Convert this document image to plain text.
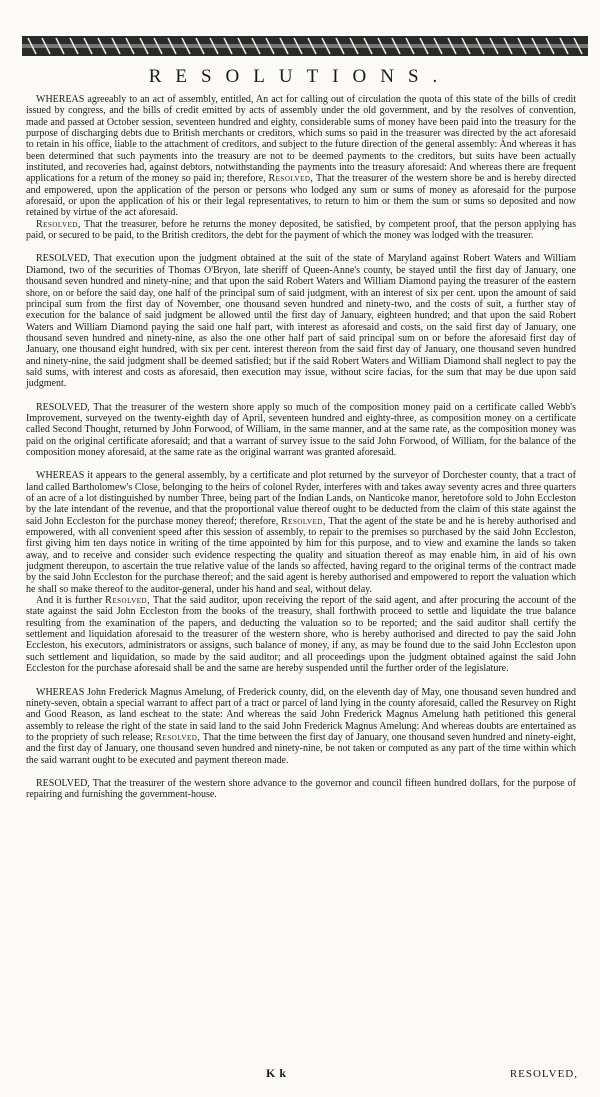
RESOLUTIONS.

WHEREAS agreeably to an act of assembly, entitled, An act for calling out of circulation the quota of this state of the bills of credit issued by congress, and the bills of credit emitted by acts of assembly under the old government, and by the resolves of convention, made and passed at October session, seventeen hundred and eighty, considerable sums of money have been paid into the treasury for the purpose of discharging debts due to British merchants or creditors, which sums so paid in the treasurer was directed by the act aforesaid to retain in his office, liable to the attachment of creditors, and subject to the future direction of the general assembly: And whereas it has been determined that such payments into the treasury are not to be deemed payments to the creditors, but suits have been actually instituted, and recoveries had, against debtors, notwithstanding the payments into the treasury aforesaid: And whereas there are frequent applications for a return of the money so paid in; therefore, Resolved, That the treasurer of the western shore be and is hereby directed and empowered, upon the application of the person or persons who lodged any sum or sums of money as aforesaid for the purpose aforesaid, or upon the application of his or their legal representatives, to return to him or them the sum or sums so deposited and now retained by virtue of the act aforesaid.

Resolved, That the treasurer, before he returns the money deposited, be satisfied, by competent proof, that the person applying has paid, or secured to be paid, to the British creditors, the debt for the payment of which the money was lodged with the treasurer.

RESOLVED, That execution upon the judgment obtained at the suit of the state of Maryland against Robert Waters and William Diamond, two of the securities of Thomas O'Bryon, late sheriff of Queen-Anne's county, be stayed until the first day of January, one thousand seven hundred and ninety-nine; and that upon the said Robert Waters and William Diamond paying the treasurer of the eastern shore, on or before the said day, one half of the principal sum of said judgment, with an interest of six per cent. upon the amount of said principal sum from the first day of November, one thousand seven hundred and ninety-two, and the costs of suit, a further stay of execution for the balance of said judgment be allowed until the first day of January, eighteen hundred; and that upon the said Robert Waters and William Diamond paying the said one half part, with interest as aforesaid and costs, on the said first day of January, one thousand seven hundred and ninety-nine, as also the one other half part of said principal sum on or before the aforesaid first day of January, one thousand eight hundred, with six per cent. interest thereon from the said first day of January, one thousand seven hundred and ninety-nine, the said judgment shall be deemed satisfied; but if the said Robert Waters and William Diamond shall neglect to pay the said sums, with interest and costs as aforesaid, then execution may issue, without scire facias, for the sum that may be due upon said judgment.

RESOLVED, That the treasurer of the western shore apply so much of the composition money paid on a certificate called Webb's Improvement, surveyed on the twenty-eighth day of April, seventeen hundred and eighty-three, as composition money on a certificate called Second Thought, returned by John Forwood, of William, in the same manner, and at the same rate, as the composition money was paid on the original certificate aforesaid; and that a warrant of survey issue to the said John Forwood, of William, for the balance of the composition money aforesaid, at the same rate as the original warrant was granted aforesaid.

WHEREAS it appears to the general assembly, by a certificate and plot returned by the surveyor of Dorchester county, that a tract of land called Bartholomew's Close, belonging to the heirs of colonel Ryder, interferes with and takes away seventy acres and three quarters of an acre of a lot distinguished by number Three, being part of the Indian Lands, on Nanticoke manor, heretofore sold to John Eccleston by the late intendant of the revenue, and that the proportional value thereof ought to be deducted from the claim of this state against the said John Eccleston for the purchase money thereof; therefore, Resolved, That the agent of the state be and he is hereby authorised and empowered, with all convenient speed after this session of assembly, to repair to the premises so purchased by the said John Eccleston, first giving him ten days notice in writing of the time appointed by him for this purpose, and to view and examine the lands so taken away, and to receive and consider such evidence respecting the quality and situation thereof as may enable him, in aid of his own judgment thereupon, to ascertain the true relative value of the lands so affected, having regard to the original terms of the contract made by the said John Eccleston for the purchase thereof; and the said agent is hereby authorised and empowered to report the valuation which he shall so make thereof to the auditor-general, under his hand and seal, without delay.

And it is further Resolved, That the said auditor, upon receiving the report of the said agent, and after procuring the account of the state against the said John Eccleston from the books of the treasury, shall forthwith proceed to settle and liquidate the true balance resulting from the examination of the papers, and deducting the valuation so to be reported; and the said auditor shall certify the settlement and liquidation aforesaid to the treasurer of the western shore, who is hereby authorised and directed to pay the said John Eccleston, his executors, administrators or assigns, such balance of money, if any, as may be found due to the said John Eccleston upon such settlement and liquidation, so made by the said auditor; and all proceedings upon the judgment obtained against the said John Eccleston for the purchase aforesaid shall be and the same are hereby suspended until the further order of the legislature.

WHEREAS John Frederick Magnus Amelung, of Frederick county, did, on the eleventh day of May, one thousand seven hundred and ninety-seven, obtain a special warrant to affect part of a tract or parcel of land lying in the county aforesaid, called the Resurvey on Right and Good Reason, as land escheat to the state: And whereas the said John Frederick Magnus Amelung hath petitioned this general assembly to release the right of the state in said land to the said John Frederick Magnus Amelung: And whereas doubts are entertained as to the propriety of such release; Resolved, That the time between the first day of January, one thousand seven hundred and ninety-eight, and the first day of January, one thousand seven hundred and ninety-nine, be not taken or computed as any part of the time within which the said warrant ought to be executed and payment thereon made.

RESOLVED, That the treasurer of the western shore advance to the governor and council fifteen hundred dollars, for the purpose of repairing and furnishing the government-house.

Kk	RESOLVED,
